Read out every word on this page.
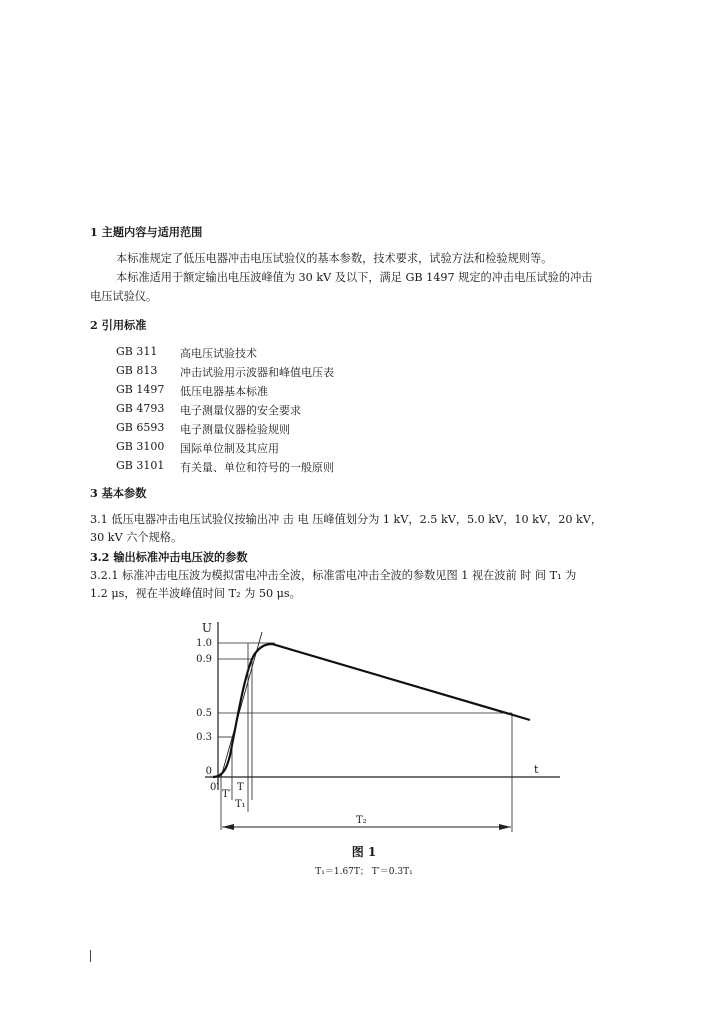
1 主题内容与适用范围
本标准规定了低压电器冲击电压试验仪的基本参数，技术要求，试验方法和检验规则等。
本标准适用于额定输出电压波峰值为 30 kV 及以下，满足 GB 1497 规定的冲击电压试验的冲击
电压试验仪。
2 引用标准
GB 311 高电压试验技术
GB 813 冲击试验用示波器和峰值电压表
GB 1497 低压电器基本标准
GB 4793 电子测量仪器的安全要求
GB 6593 电子测量仪器检验规则
GB 3100 国际单位制及其应用
GB 3101 有关量、单位和符号的一般原则
3 基本参数
3.1 低压电器冲击电压试验仪按输出冲 击 电 压峰值划分为 1 kV，2.5 kV，5.0 kV，10 kV，20 kV，
30 kV 六个规格。
3.2 输出标准冲击电压波的参数
3.2.1 标准冲击电压波为模拟雷电冲击全波，标准雷电冲击全波的参数见图 1 视在波前 时 间 T₁ 为
1.2 μs，视在半波峰值时间 T₂ 为 50 μs。
U
t
1.0
0.9
0.5
0.3
0
0′
T′
T
T₁
T₂
图 1
T₁＝1.67T； T′＝0.3T₁
